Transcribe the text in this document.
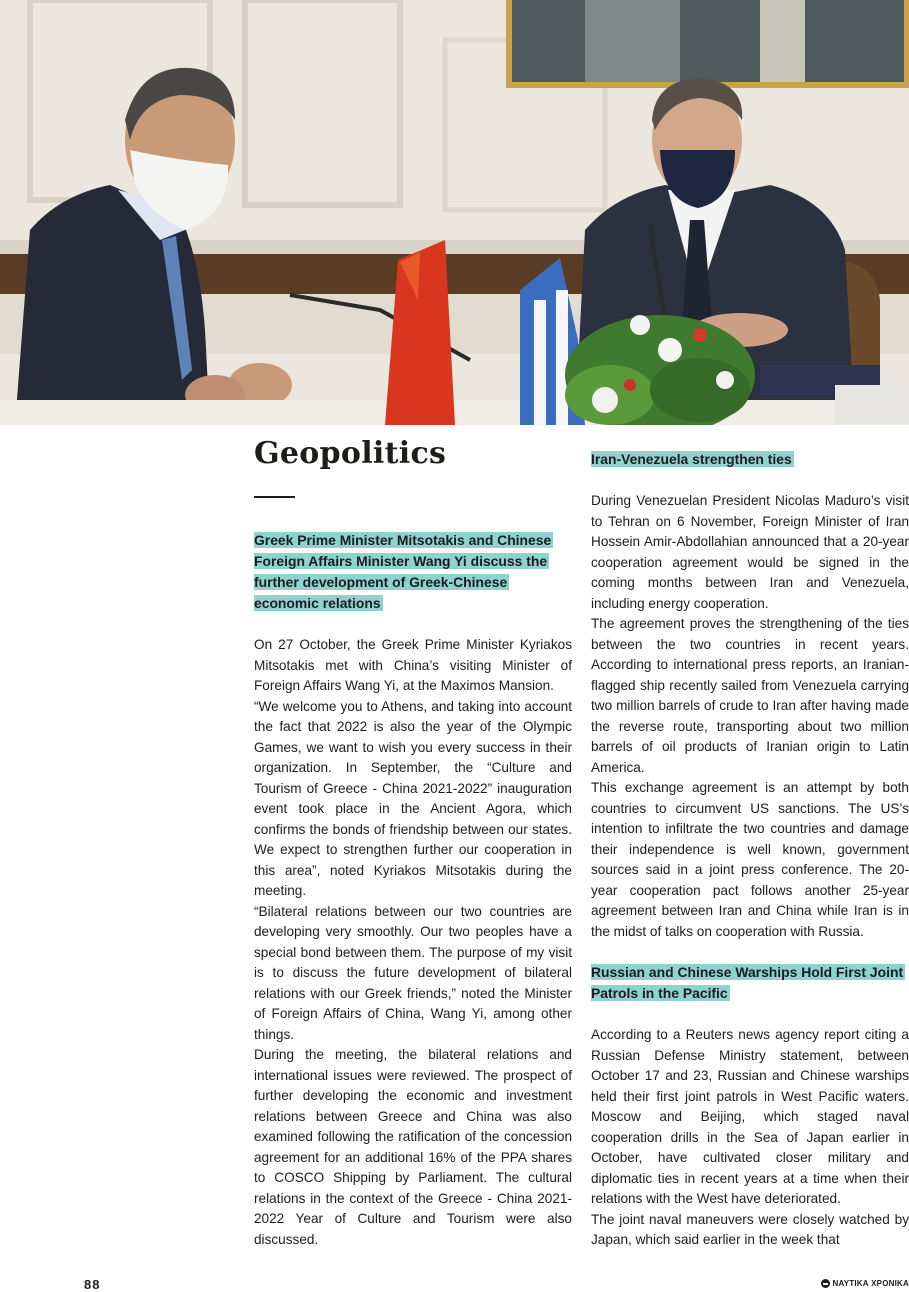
Geopolitics
Greek Prime Minister Mitsotakis and Chinese Foreign Affairs Minister Wang Yi discuss the further development of Greek-Chinese economic relations

On 27 October, the Greek Prime Minister Kyriakos Mitsotakis met with China’s visiting Minister of Foreign Affairs Wang Yi, at the Maximos Mansion.

“We welcome you to Athens, and taking into account the fact that 2022 is also the year of the Olympic Games, we want to wish you every success in their organization. In September, the “Culture and Tourism of Greece - China 2021-2022” inauguration event took place in the Ancient Agora, which confirms the bonds of friendship between our states. We expect to strengthen further our cooperation in this area”, noted Kyriakos Mitsotakis during the meeting.

“Bilateral relations between our two countries are developing very smoothly. Our two peoples have a special bond between them. The purpose of my visit is to discuss the future development of bilateral relations with our Greek friends,” noted the Minister of Foreign Affairs of China, Wang Yi, among other things.

During the meeting, the bilateral relations and international issues were reviewed. The prospect of further developing the economic and investment relations between Greece and China was also examined following the ratification of the concession agreement for an additional 16% of the PPA shares to COSCO Shipping by Parliament. The cultural relations in the context of the Greece - China 2021-2022 Year of Culture and Tourism were also discussed.

Iran-Venezuela strengthen ties

During Venezuelan President Nicolas Maduro’s visit to Tehran on 6 November, Foreign Minister of Iran Hossein Amir-Abdollahian announced that a 20-year cooperation agreement would be signed in the coming months between Iran and Venezuela, including energy cooperation.

The agreement proves the strengthening of the ties between the two countries in recent years. According to international press reports, an Iranian-flagged ship recently sailed from Venezuela carrying two million barrels of crude to Iran after having made the reverse route, transporting about two million barrels of oil products of Iranian origin to Latin America.

This exchange agreement is an attempt by both countries to circumvent US sanctions. The US’s intention to infiltrate the two countries and damage their independence is well known, government sources said in a joint press conference. The 20-year cooperation pact follows another 25-year agreement between Iran and China while Iran is in the midst of talks on cooperation with Russia.

Russian and Chinese Warships Hold First Joint Patrols in the Pacific

According to a Reuters news agency report citing a Russian Defense Ministry statement, between October 17 and 23, Russian and Chinese warships held their first joint patrols in West Pacific waters. Moscow and Beijing, which staged naval cooperation drills in the Sea of Japan earlier in October, have cultivated closer military and diplomatic ties in recent years at a time when their relations with the West have deteriorated.

The joint naval maneuvers were closely watched by Japan, which said earlier in the week that

88	ΝΑΥΤΙΚΑ ΧΡΟΝΙΚΑ
